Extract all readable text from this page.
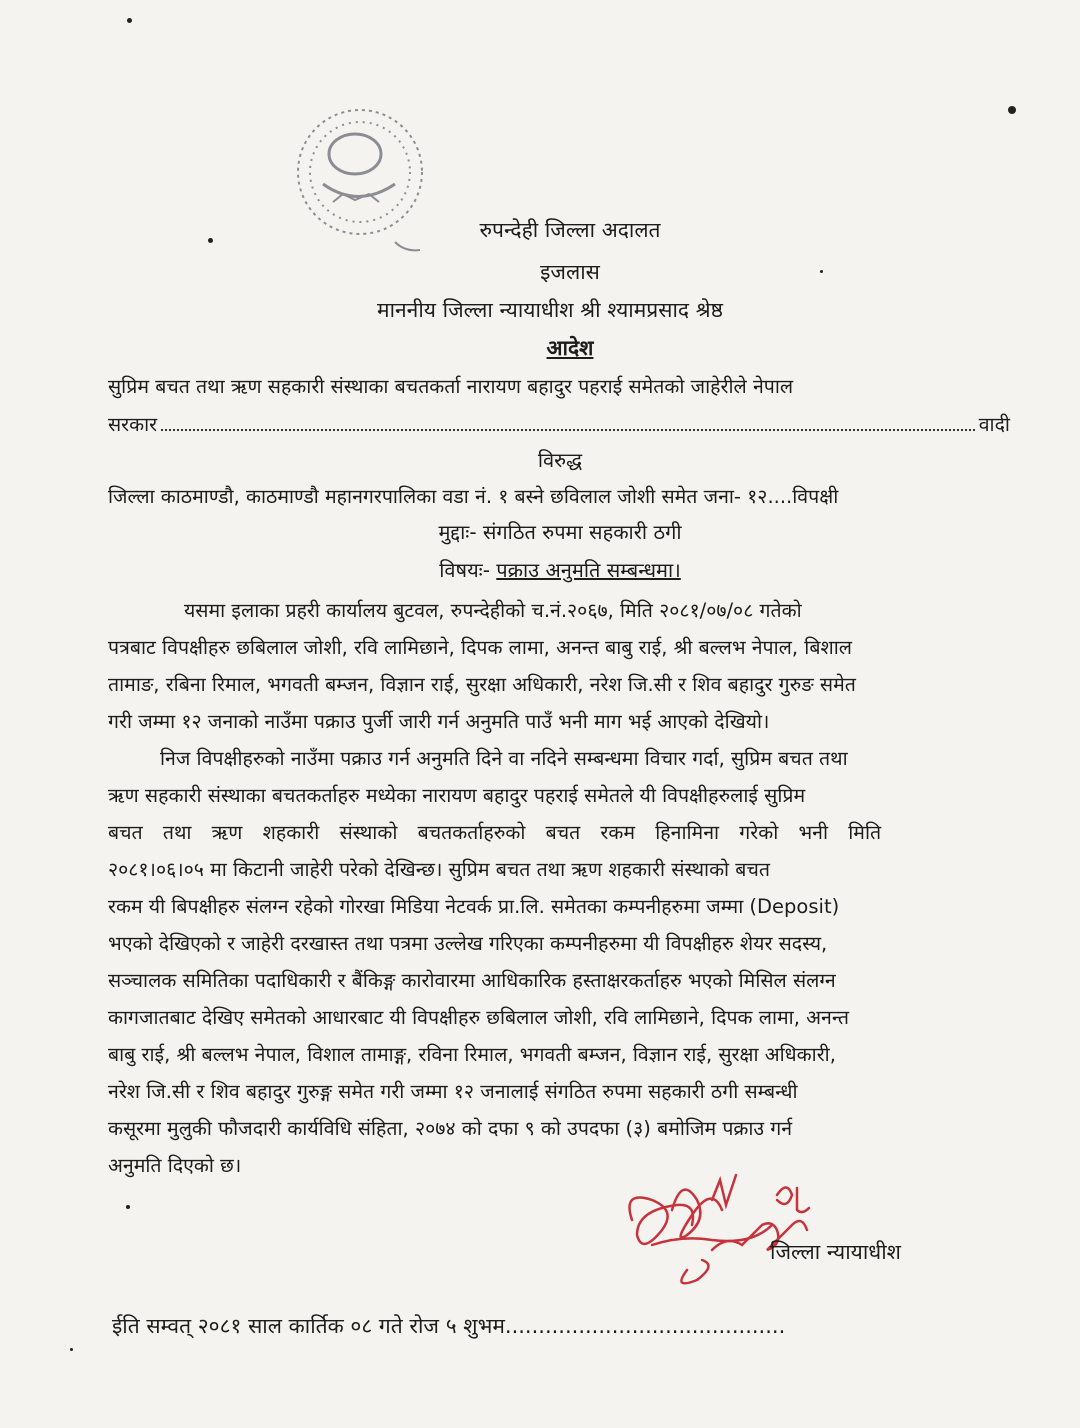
रुपन्देही जिल्ला अदालत
इजलास
माननीय जिल्ला न्यायाधीश श्री श्यामप्रसाद श्रेष्ठ
आदेश
सुप्रिम बचत तथा ऋण सहकारी संस्थाका बचतकर्ता नारायण बहादुर पहराई समेतको जाहेरीले नेपाल
सरकार	वादी
विरुद्ध
जिल्ला काठमाण्डौ, काठमाण्डौ महानगरपालिका वडा नं. १ बस्ने छविलाल जोशी समेत जना- १२....विपक्षी
मुद्दाः- संगठित रुपमा सहकारी ठगी
विषयः- पक्राउ अनुमति सम्बन्धमा।
यसमा इलाका प्रहरी कार्यालय बुटवल, रुपन्देहीको च.नं.२०६७, मिति २०८१/०७/०८ गतेको
पत्रबाट विपक्षीहरु छबिलाल जोशी, रवि लामिछाने, दिपक लामा, अनन्त बाबु राई, श्री बल्लभ नेपाल, बिशाल
तामाङ, रबिना रिमाल, भगवती बम्जन, विज्ञान राई, सुरक्षा अधिकारी, नरेश जि.सी र शिव बहादुर गुरुङ समेत
गरी जम्मा १२ जनाको नाउँमा पक्राउ पुर्जी जारी गर्न अनुमति पाउँ भनी माग भई आएको देखियो।
निज विपक्षीहरुको नाउँमा पक्राउ गर्न अनुमति दिने वा नदिने सम्बन्धमा विचार गर्दा, सुप्रिम बचत तथा
ऋण सहकारी संस्थाका बचतकर्ताहरु मध्येका नारायण बहादुर पहराई समेतले यी विपक्षीहरुलाई सुप्रिम
बचत तथा ऋण शहकारी संस्थाको बचतकर्ताहरुको बचत रकम हिनामिना गरेको भनी मिति
२०८१।०६।०५ मा किटानी जाहेरी परेको देखिन्छ। सुप्रिम बचत तथा ऋण शहकारी संस्थाको बचत
रकम यी बिपक्षीहरु संलग्न रहेको गोरखा मिडिया नेटवर्क प्रा.लि. समेतका कम्पनीहरुमा जम्मा (Deposit)
भएको देखिएको र जाहेरी दरखास्त तथा पत्रमा उल्लेख गरिएका कम्पनीहरुमा यी विपक्षीहरु शेयर सदस्य,
सञ्चालक समितिका पदाधिकारी र बैंकिङ्ग कारोवारमा आधिकारिक हस्ताक्षरकर्ताहरु भएको मिसिल संलग्न
कागजातबाट देखिए समेतको आधारबाट यी विपक्षीहरु छबिलाल जोशी, रवि लामिछाने, दिपक लामा, अनन्त
बाबु राई, श्री बल्लभ नेपाल, विशाल तामाङ्ग, रविना रिमाल, भगवती बम्जन, विज्ञान राई, सुरक्षा अधिकारी,
नरेश जि.सी र शिव बहादुर गुरुङ्ग समेत गरी जम्मा १२ जनालाई संगठित रुपमा सहकारी ठगी सम्बन्धी
कसूरमा मुलुकी फौजदारी कार्यविधि संहिता, २०७४ को दफा ९ को उपदफा (३) बमोजिम पक्राउ गर्न
अनुमति दिएको छ।
जिल्ला न्यायाधीश
ईति सम्वत् २०८१ साल कार्तिक ०८ गते रोज ५ शुभम..........................................
